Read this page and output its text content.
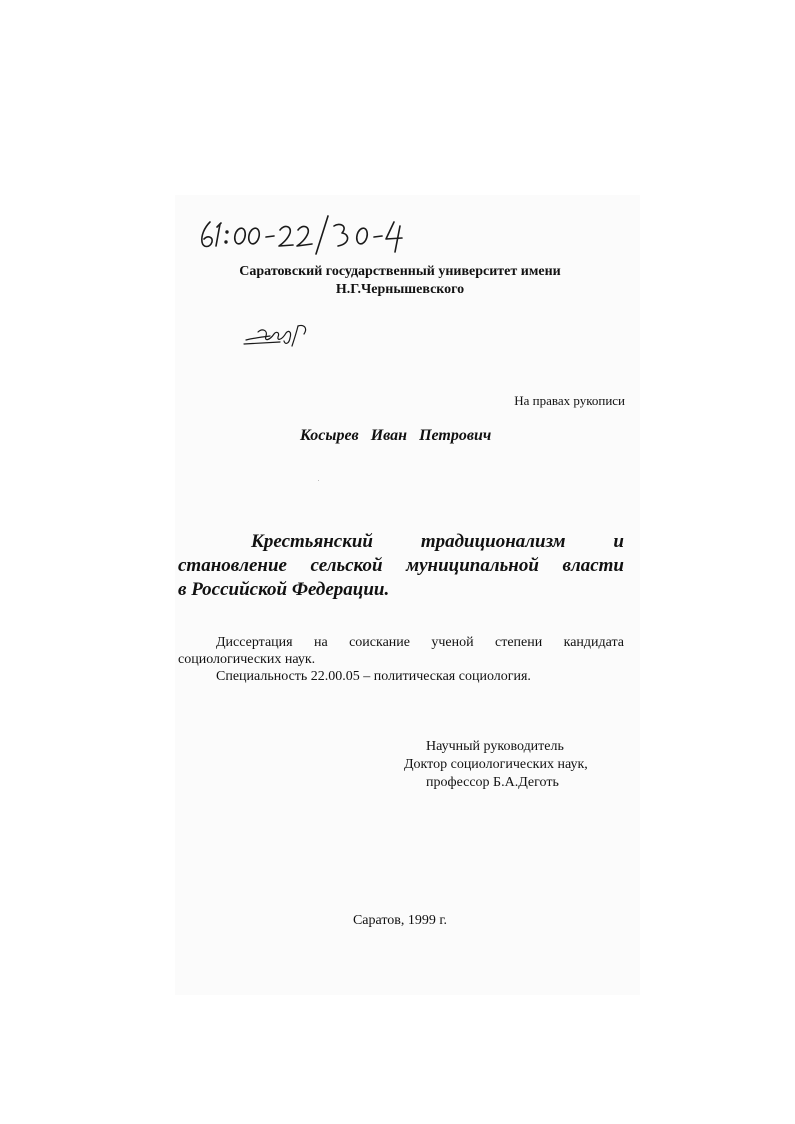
Саратовский государственный университет имени
Н.Г.Чернышевского
На правах рукописи
Косырев Иван Петрович
Крестьянский традиционализм и
становление сельской муниципальной власти
в Российской Федерации.
Диссертация на соискание ученой степени кандидата
социологических наук.
Специальность 22.00.05 – политическая социология.
Научный руководитель
Доктор социологических наук,
профессор Б.А.Деготь
Саратов, 1999 г.
